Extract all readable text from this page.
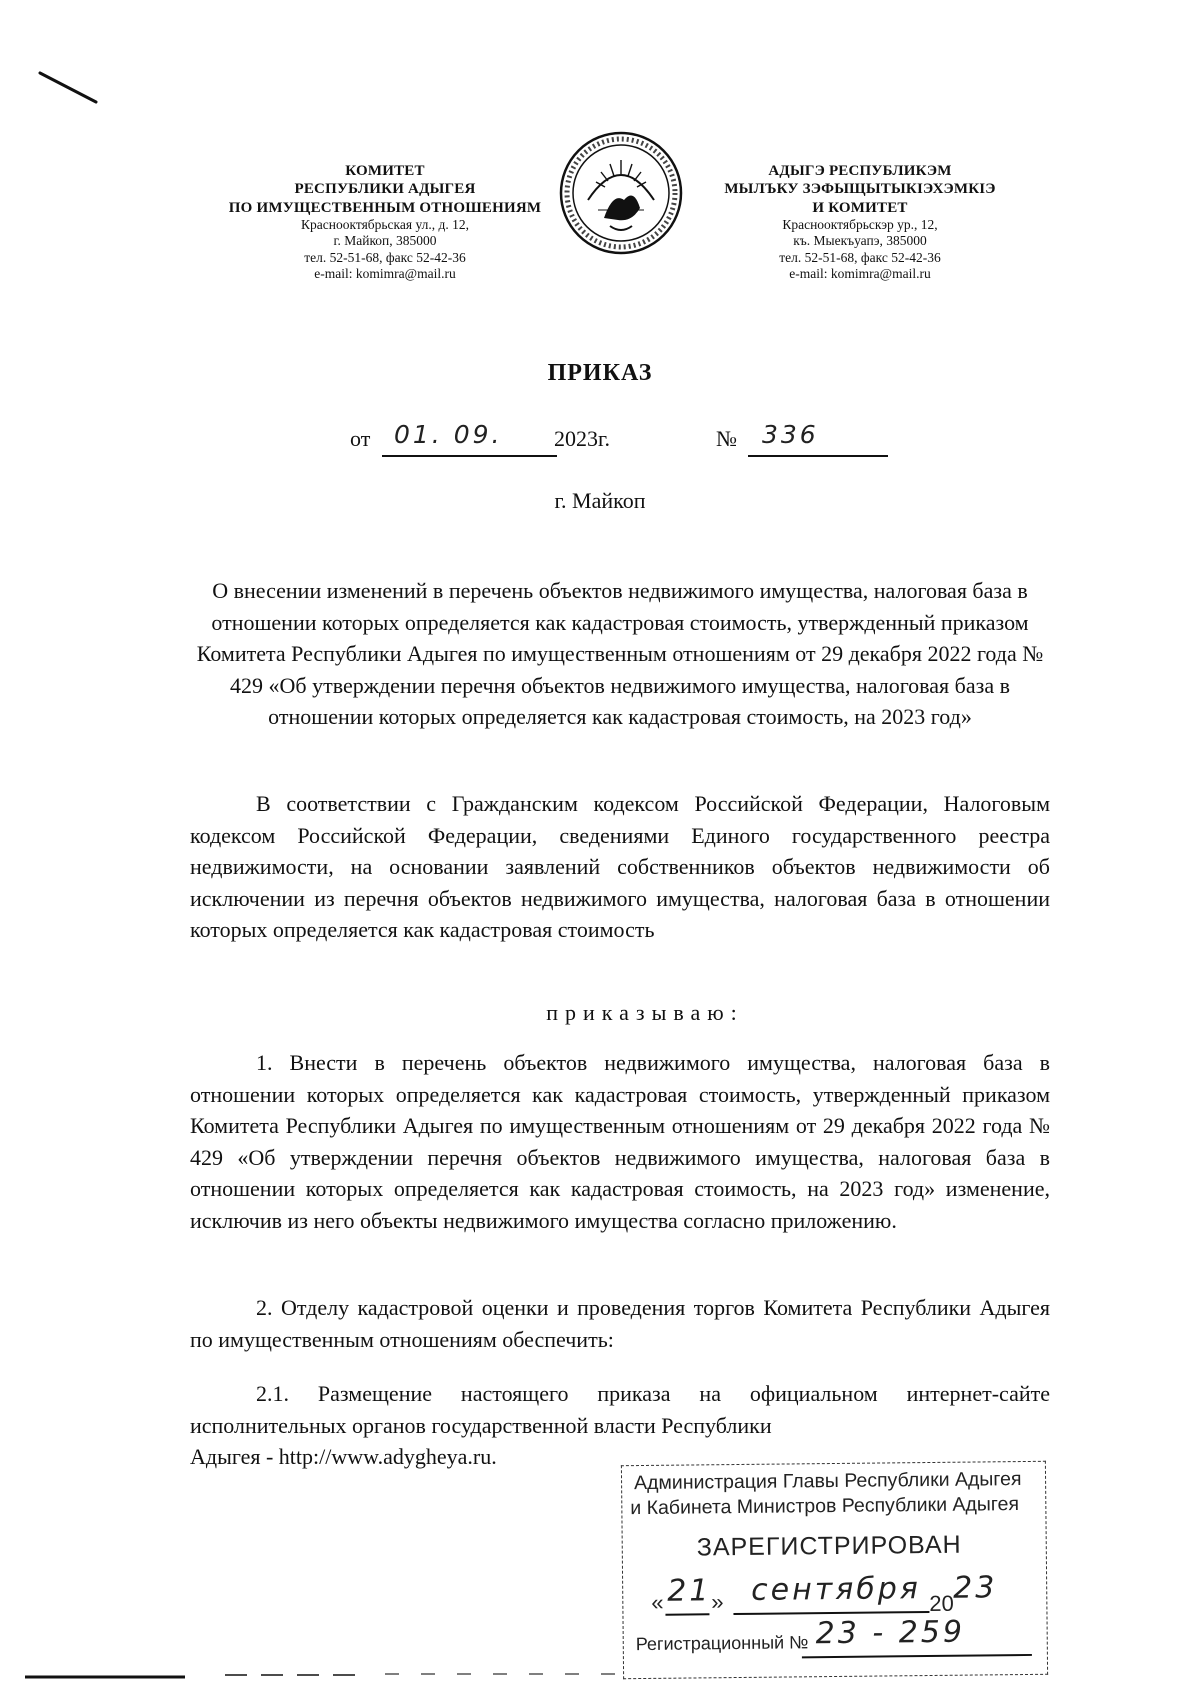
КОМИТЕТ
РЕСПУБЛИКИ АДЫГЕЯ
ПО ИМУЩЕСТВЕННЫМ ОТНОШЕНИЯМ
Краснооктябрьская ул., д. 12,
г. Майкоп, 385000
тел. 52-51-68, факс 52-42-36
e-mail: komimra@mail.ru
АДЫГЭ РЕСПУБЛИКЭМ
МЫЛЪКУ ЗЭФЫЩЫТЫКIЭХЭМКIЭ
И КОМИТЕТ
Краснооктябрьскэр ур., 12,
къ. Мыекъуапэ, 385000
тел. 52-51-68, факс 52-42-36
e-mail: komimra@mail.ru
ПРИКАЗ
от 01. 09. 2023г.	№ 336
г. Майкоп
О внесении изменений в перечень объектов недвижимого имущества, налоговая база в отношении которых определяется как кадастровая стоимость, утвержденный приказом Комитета Республики Адыгея по имущественным отношениям от 29 декабря 2022 года № 429 «Об утверждении перечня объектов недвижимого имущества, налоговая база в отношении которых определяется как кадастровая стоимость, на 2023 год»
В соответствии с Гражданским кодексом Российской Федерации, Налоговым кодексом Российской Федерации, сведениями Единого государственного реестра недвижимости, на основании заявлений собственников объектов недвижимости об исключении из перечня объектов недвижимого имущества, налоговая база в отношении которых определяется как кадастровая стоимость
приказываю:
1. Внести в перечень объектов недвижимого имущества, налоговая база в отношении которых определяется как кадастровая стоимость, утвержденный приказом Комитета Республики Адыгея по имущественным отношениям от 29 декабря 2022 года № 429 «Об утверждении перечня объектов недвижимого имущества, налоговая база в отношении которых определяется как кадастровая стоимость, на 2023 год» изменение, исключив из него объекты недвижимого имущества согласно приложению.
2. Отделу кадастровой оценки и проведения торгов Комитета Республики Адыгея по имущественным отношениям обеспечить:
2.1. Размещение настоящего приказа на официальном интернет-сайте исполнительных органов государственной власти Республики
Адыгея - http://www.adygheya.ru.
Администрация Главы Республики Адыгея
и Кабинета Министров Республики Адыгея
ЗАРЕГИСТРИРОВАН
« 21 » сентября 20 23
Регистрационный № 23 - 259
